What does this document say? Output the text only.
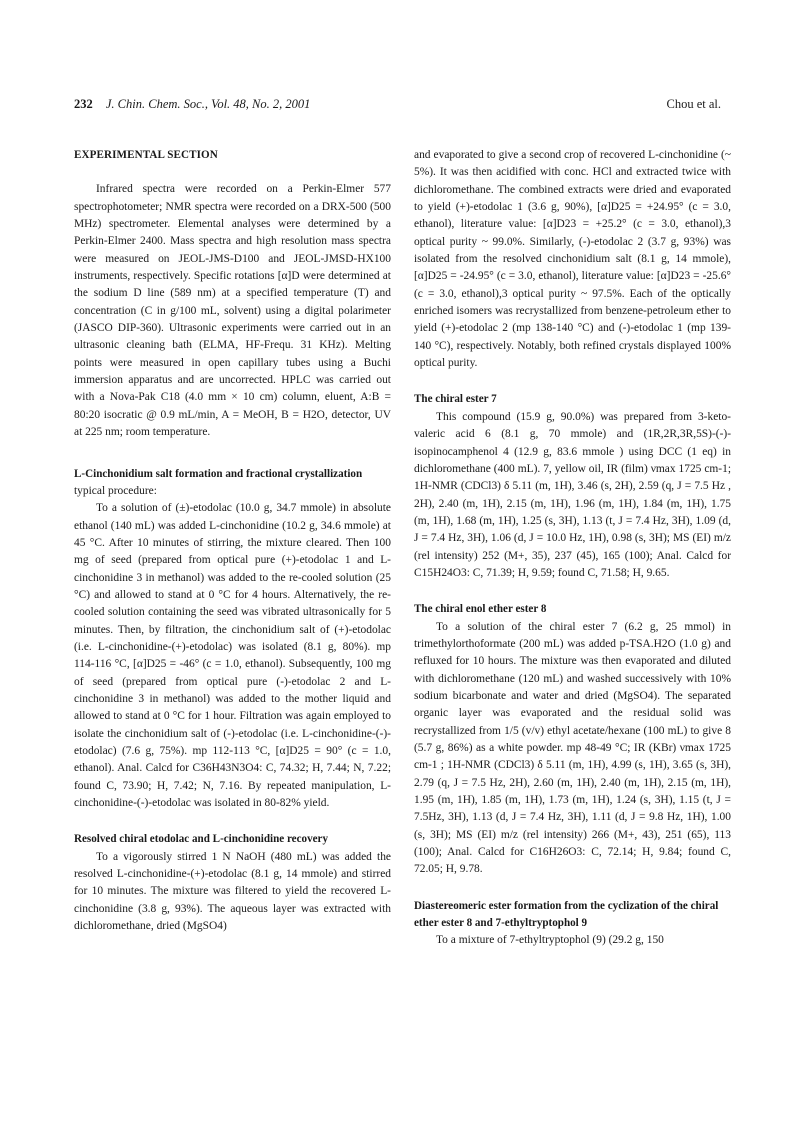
232 J. Chin. Chem. Soc., Vol. 48, No. 2, 2001	Chou et al.
EXPERIMENTAL SECTION

Infrared spectra were recorded on a Perkin-Elmer 577 spectrophotometer; NMR spectra were recorded on a DRX-500 (500 MHz) spectrometer. Elemental analyses were determined by a Perkin-Elmer 2400. Mass spectra and high resolution mass spectra were measured on JEOL-JMS-D100 and JEOL-JMSD-HX100 instruments, respectively. Specific rotations [α]D were determined at the sodium D line (589 nm) at a specified temperature (T) and concentration (C in g/100 mL, solvent) using a digital polarimeter (JASCO DIP-360). Ultrasonic experiments were carried out in an ultrasonic cleaning bath (ELMA, HF-Frequ. 31 KHz). Melting points were measured in open capillary tubes using a Buchi immersion apparatus and are uncorrected. HPLC was carried out with a Nova-Pak C18 (4.0 mm × 10 cm) column, eluent, A:B = 80:20 isocratic @ 0.9 mL/min, A = MeOH, B = H2O, detector, UV at 225 nm; room temperature.

L-Cinchonidium salt formation and fractional crystallization

typical procedure:

To a solution of (±)-etodolac (10.0 g, 34.7 mmole) in absolute ethanol (140 mL) was added L-cinchonidine (10.2 g, 34.6 mmole) at 45 °C. After 10 minutes of stirring, the mixture cleared. Then 100 mg of seed (prepared from optical pure (+)-etodolac 1 and L-cinchonidine 3 in methanol) was added to the re-cooled solution (25 °C) and allowed to stand at 0 °C for 4 hours. Alternatively, the re-cooled solution containing the seed was vibrated ultrasonically for 5 minutes. Then, by filtration, the cinchonidium salt of (+)-etodolac (i.e. L-cinchonidine-(+)-etodolac) was isolated (8.1 g, 80%). mp 114-116 °C, [α]D25 = -46° (c = 1.0, ethanol). Subsequently, 100 mg of seed (prepared from optical pure (-)-etodolac 2 and L-cinchonidine 3 in methanol) was added to the mother liquid and allowed to stand at 0 °C for 1 hour. Filtration was again employed to isolate the cinchonidium salt of (-)-etodolac (i.e. L-cinchonidine-(-)-etodolac) (7.6 g, 75%). mp 112-113 °C, [α]D25 = 90° (c = 1.0, ethanol). Anal. Calcd for C36H43N3O4: C, 74.32; H, 7.44; N, 7.22; found C, 73.90; H, 7.42; N, 7.16. By repeated manipulation, L-cinchonidine-(-)-etodolac was isolated in 80-82% yield.

Resolved chiral etodolac and L-cinchonidine recovery

To a vigorously stirred 1 N NaOH (480 mL) was added the resolved L-cinchonidine-(+)-etodolac (8.1 g, 14 mmole) and stirred for 10 minutes. The mixture was filtered to yield the recovered L-cinchonidine (3.8 g, 93%). The aqueous layer was extracted with dichloromethane, dried (MgSO4)

and evaporated to give a second crop of recovered L-cinchonidine (~ 5%). It was then acidified with conc. HCl and extracted twice with dichloromethane. The combined extracts were dried and evaporated to yield (+)-etodolac 1 (3.6 g, 90%), [α]D25 = +24.95° (c = 3.0, ethanol), literature value: [α]D23 = +25.2° (c = 3.0, ethanol),3 optical purity ~ 99.0%. Similarly, (-)-etodolac 2 (3.7 g, 93%) was isolated from the resolved cinchonidium salt (8.1 g, 14 mmole), [α]D25 = -24.95° (c = 3.0, ethanol), literature value: [α]D23 = -25.6° (c = 3.0, ethanol),3 optical purity ~ 97.5%. Each of the optically enriched isomers was recrystallized from benzene-petroleum ether to yield (+)-etodolac 2 (mp 138-140 °C) and (-)-etodolac 1 (mp 139-140 °C), respectively. Notably, both refined crystals displayed 100% optical purity.

The chiral ester 7

This compound (15.9 g, 90.0%) was prepared from 3-keto-valeric acid 6 (8.1 g, 70 mmole) and (1R,2R,3R,5S)-(-)-isopinocamphenol 4 (12.9 g, 83.6 mmole ) using DCC (1 eq) in dichloromethane (400 mL). 7, yellow oil, IR (film) νmax 1725 cm-1; 1H-NMR (CDCl3) δ 5.11 (m, 1H), 3.46 (s, 2H), 2.59 (q, J = 7.5 Hz , 2H), 2.40 (m, 1H), 2.15 (m, 1H), 1.96 (m, 1H), 1.84 (m, 1H), 1.75 (m, 1H), 1.68 (m, 1H), 1.25 (s, 3H), 1.13 (t, J = 7.4 Hz, 3H), 1.09 (d, J = 7.4 Hz, 3H), 1.06 (d, J = 10.0 Hz, 1H), 0.98 (s, 3H); MS (EI) m/z (rel intensity) 252 (M+, 35), 237 (45), 165 (100); Anal. Calcd for C15H24O3: C, 71.39; H, 9.59; found C, 71.58; H, 9.65.

The chiral enol ether ester 8

To a solution of the chiral ester 7 (6.2 g, 25 mmol) in trimethylorthoformate (200 mL) was added p-TSA.H2O (1.0 g) and refluxed for 10 hours. The mixture was then evaporated and diluted with dichloromethane (120 mL) and washed successively with 10% sodium bicarbonate and water and dried (MgSO4). The separated organic layer was evaporated and the residual solid was recrystallized from 1/5 (v/v) ethyl acetate/hexane (100 mL) to give 8 (5.7 g, 86%) as a white powder. mp 48-49 °C; IR (KBr) νmax 1725 cm-1 ; 1H-NMR (CDCl3) δ 5.11 (m, 1H), 4.99 (s, 1H), 3.65 (s, 3H), 2.79 (q, J = 7.5 Hz, 2H), 2.60 (m, 1H), 2.40 (m, 1H), 2.15 (m, 1H), 1.95 (m, 1H), 1.85 (m, 1H), 1.73 (m, 1H), 1.24 (s, 3H), 1.15 (t, J = 7.5Hz, 3H), 1.13 (d, J = 7.4 Hz, 3H), 1.11 (d, J = 9.8 Hz, 1H), 1.00 (s, 3H); MS (EI) m/z (rel intensity) 266 (M+, 43), 251 (65), 113 (100); Anal. Calcd for C16H26O3: C, 72.14; H, 9.84; found C, 72.05; H, 9.78.

Diastereomeric ester formation from the cyclization of the chiral ether ester 8 and 7-ethyltryptophol 9

To a mixture of 7-ethyltryptophol (9) (29.2 g, 150
